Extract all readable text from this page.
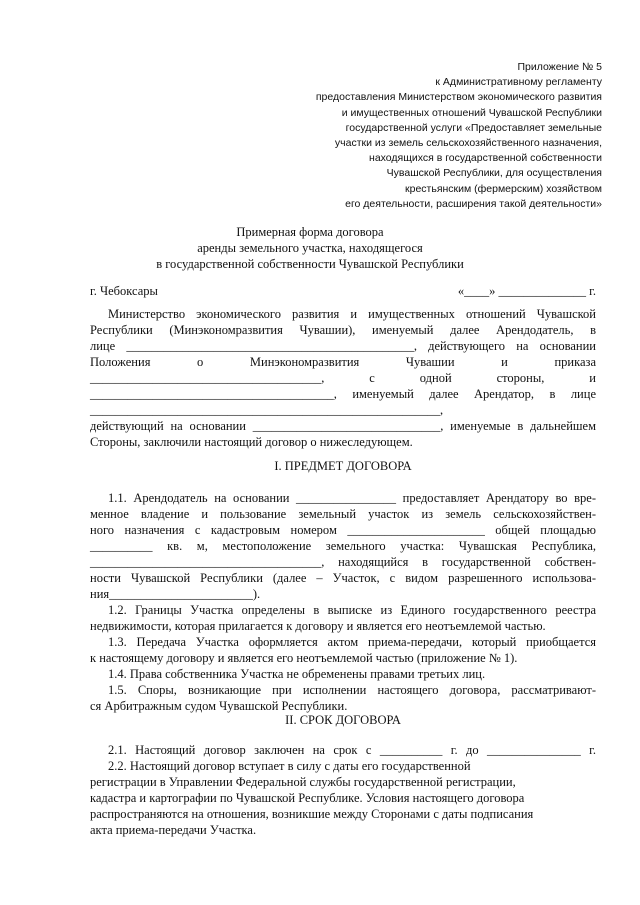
Приложение № 5
к Административному регламенту
предоставления Министерством экономического развития
и имущественных отношений Чувашской Республики
государственной услуги «Предоставляет земельные
участки из земель сельскохозяйственного назначения,
находящихся в государственной собственности
Чувашской Республики, для осуществления
крестьянским (фермерским) хозяйством
его деятельности, расширения такой деятельности»
Примерная форма договора
аренды земельного участка, находящегося
в государственной собственности Чувашской Республики
г. Чебоксары	«____» ______________ г.
Министерство экономического развития и имущественных отношений Чувашской
Республики (Минэкономразвития Чувашии), именуемый далее Арендодатель, в
лице ______________________________________________, действующего на основании
Положения о Минэкономразвития Чувашии и приказа
_____________________________________, с одной стороны, и
_______________________________________, именуемый далее Арендатор, в лице
________________________________________________________,
действующий на основании ______________________________, именуемые в дальнейшем
Стороны, заключили настоящий договор о нижеследующем.
I. ПРЕДМЕТ ДОГОВОРА
1.1. Арендодатель на основании ________________ предоставляет Арендатору во вре-
менное владение и пользование земельный участок из земель сельскохозяйствен-
ного назначения с кадастровым номером ______________________ общей площадью
__________ кв. м, местоположение земельного участка: Чувашская Республика,
_____________________________________, находящийся в государственной собствен-
ности Чувашской Республики (далее – Участок, с видом разрешенного использова-
ния_______________________).
1.2. Границы Участка определены в выписке из Единого государственного реестра
недвижимости, которая прилагается к договору и является его неотъемлемой частью.
1.3. Передача Участка оформляется актом приема-передачи, который приобщается
к настоящему договору и является его неотъемлемой частью (приложение № 1).
1.4. Права собственника Участка не обременены правами третьих лиц.
1.5. Споры, возникающие при исполнении настоящего договора, рассматривают-
ся Арбитражным судом Чувашской Республики.
II. СРОК ДОГОВОРА
2.1. Настоящий договор заключен на срок с __________ г. до _______________ г.
2.2. Настоящий договор вступает в силу с даты его государственной
регистрации в Управлении Федеральной службы государственной регистрации,
кадастра и картографии по Чувашской Республике. Условия настоящего договора
распространяются на отношения, возникшие между Сторонами с даты подписания
акта приема-передачи Участка.
